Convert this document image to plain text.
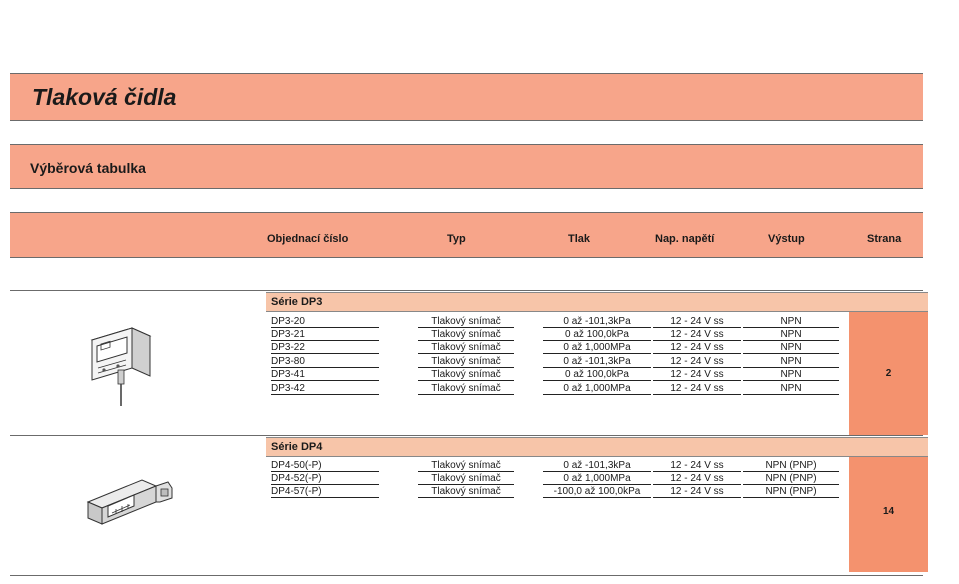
Tlaková čidla
Výběrová tabulka
Objednací číslo	Typ	Tlak	Nap. napětí	Výstup	Strana
Série DP3
2
DP3-20	Tlakový snímač	0 až -101,3kPa	12 - 24 V ss	NPN
DP3-21	Tlakový snímač	0 až 100,0kPa	12 - 24 V ss	NPN
DP3-22	Tlakový snímač	0 až 1,000MPa	12 - 24 V ss	NPN
DP3-80	Tlakový snímač	0 až -101,3kPa	12 - 24 V ss	NPN
DP3-41	Tlakový snímač	0 až 100,0kPa	12 - 24 V ss	NPN
DP3-42	Tlakový snímač	0 až 1,000MPa	12 - 24 V ss	NPN
Série DP4
14
DP4-50(-P)	Tlakový snímač	0 až -101,3kPa	12 - 24 V ss	NPN (PNP)
DP4-52(-P)	Tlakový snímač	0 až 1,000MPa	12 - 24 V ss	NPN (PNP)
DP4-57(-P)	Tlakový snímač	-100,0 až 100,0kPa	12 - 24 V ss	NPN (PNP)
